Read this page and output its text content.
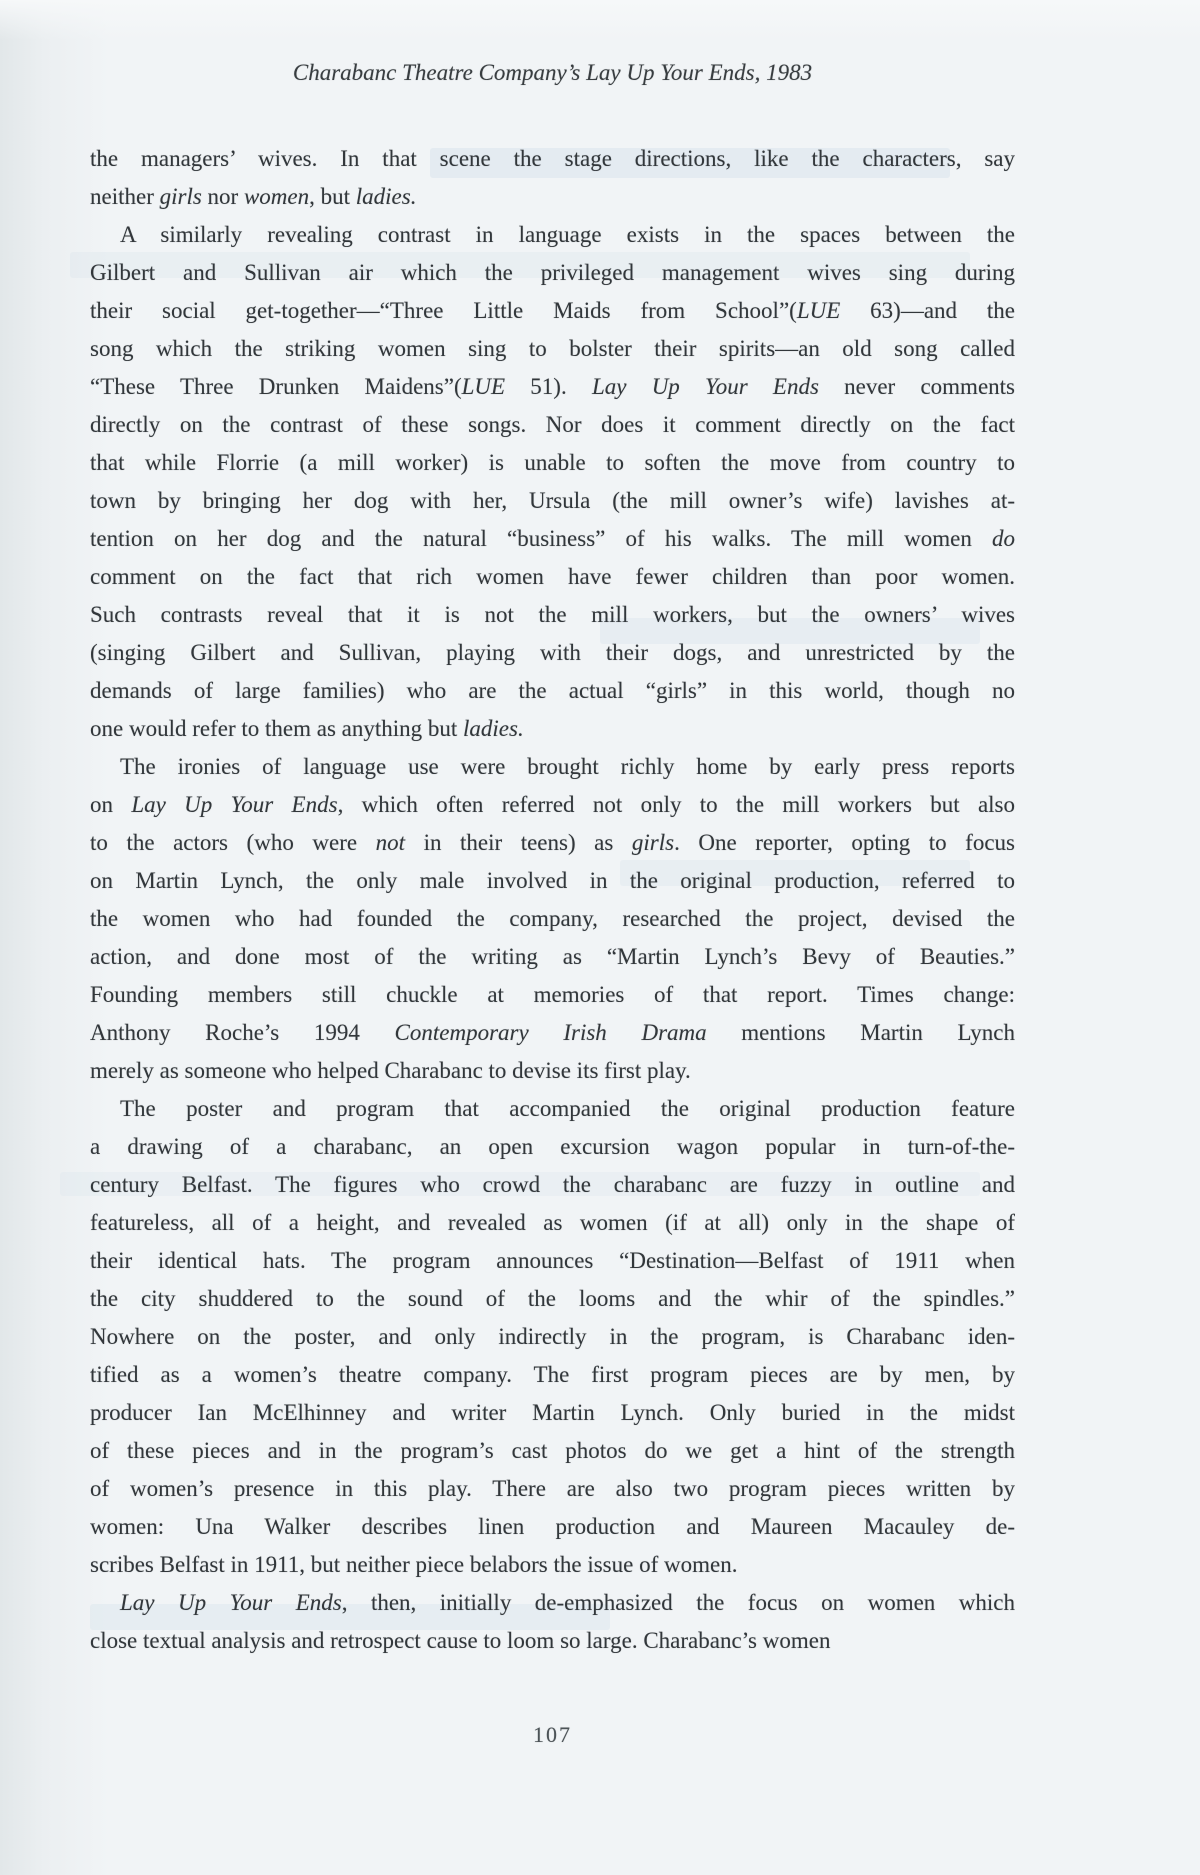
Charabanc Theatre Company’s Lay Up Your Ends, 1983
the managers’ wives. In that scene the stage directions, like the characters, say
neither girls nor women, but ladies.
A similarly revealing contrast in language exists in the spaces between the
Gilbert and Sullivan air which the privileged management wives sing during
their social get-together—“Three Little Maids from School”(LUE 63)—and the
song which the striking women sing to bolster their spirits—an old song called
“These Three Drunken Maidens”(LUE 51). Lay Up Your Ends never comments
directly on the contrast of these songs. Nor does it comment directly on the fact
that while Florrie (a mill worker) is unable to soften the move from country to
town by bringing her dog with her, Ursula (the mill owner’s wife) lavishes at-
tention on her dog and the natural “business” of his walks. The mill women do
comment on the fact that rich women have fewer children than poor women.
Such contrasts reveal that it is not the mill workers, but the owners’ wives
(singing Gilbert and Sullivan, playing with their dogs, and unrestricted by the
demands of large families) who are the actual “girls” in this world, though no
one would refer to them as anything but ladies.
The ironies of language use were brought richly home by early press reports
on Lay Up Your Ends, which often referred not only to the mill workers but also
to the actors (who were not in their teens) as girls. One reporter, opting to focus
on Martin Lynch, the only male involved in the original production, referred to
the women who had founded the company, researched the project, devised the
action, and done most of the writing as “Martin Lynch’s Bevy of Beauties.”
Founding members still chuckle at memories of that report. Times change:
Anthony Roche’s 1994 Contemporary Irish Drama mentions Martin Lynch
merely as someone who helped Charabanc to devise its first play.
The poster and program that accompanied the original production feature
a drawing of a charabanc, an open excursion wagon popular in turn-of-the-
century Belfast. The figures who crowd the charabanc are fuzzy in outline and
featureless, all of a height, and revealed as women (if at all) only in the shape of
their identical hats. The program announces “Destination—Belfast of 1911 when
the city shuddered to the sound of the looms and the whir of the spindles.”
Nowhere on the poster, and only indirectly in the program, is Charabanc iden-
tified as a women’s theatre company. The first program pieces are by men, by
producer Ian McElhinney and writer Martin Lynch. Only buried in the midst
of these pieces and in the program’s cast photos do we get a hint of the strength
of women’s presence in this play. There are also two program pieces written by
women: Una Walker describes linen production and Maureen Macauley de-
scribes Belfast in 1911, but neither piece belabors the issue of women.
Lay Up Your Ends, then, initially de-emphasized the focus on women which
close textual analysis and retrospect cause to loom so large. Charabanc’s women
107
